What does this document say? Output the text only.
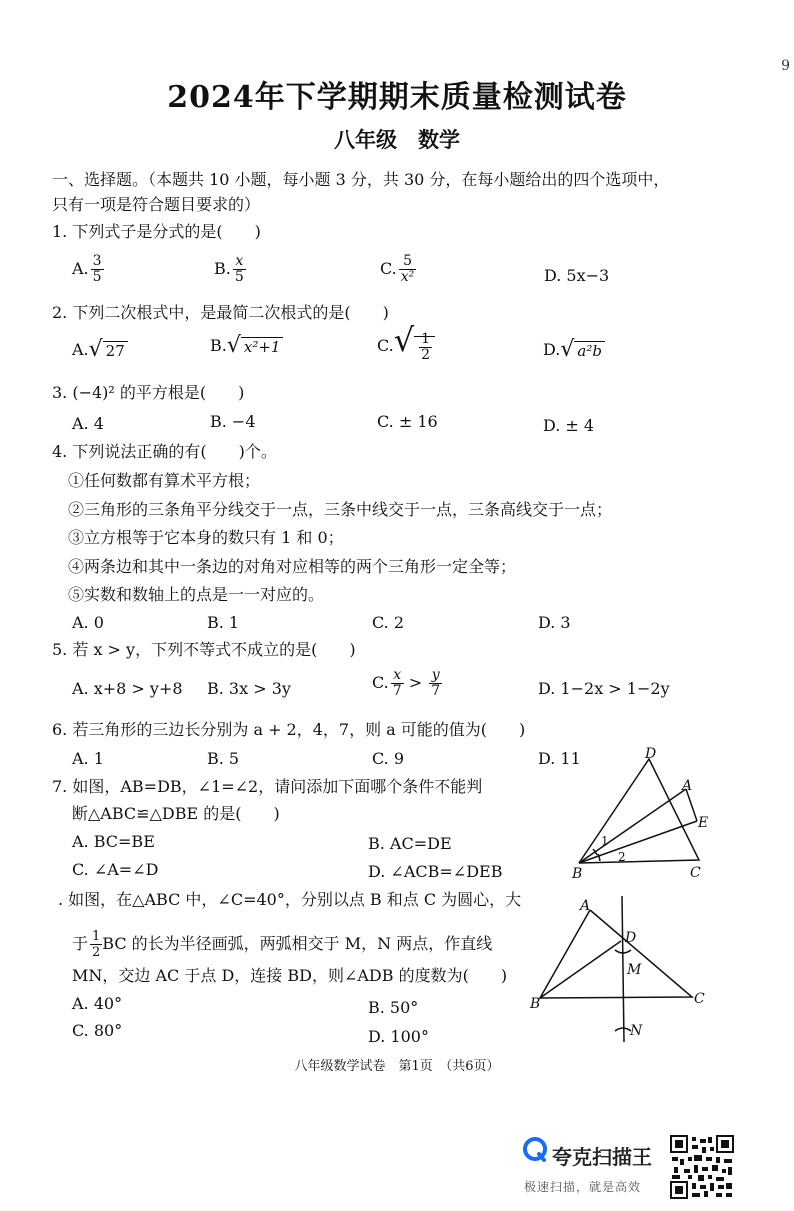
9
2024年下学期期末质量检测试卷
八年级　数学
一、选择题。（本题共 10 小题，每小题 3 分，共 30 分，在每小题给出的四个选项中，
只有一项是符合题目要求的）
1. 下列式子是分式的是(　　)
A. $\frac{3}{5}$	B. $\frac{x}{5}$	C. $\frac{5}{\text{x²}}$	D. 5x−3
2. 下列二次根式中，是最简二次根式的是(　　)
A.√ 27	B.√ x²+1	$C.√ \frac{1}{2}$	D.√ a²b
3. (−4)² 的平方根是(　　)
A. 4	B. −4	C. ± 16	D. ± 4
4. 下列说法正确的有(　　)个。
①任何数都有算术平方根；
②三角形的三条角平分线交于一点，三条中线交于一点，三条高线交于一点；
③立方根等于它本身的数只有 1 和 0；
④两条边和其中一条边的对角对应相等的两个三角形一定全等；
⑤实数和数轴上的点是一一对应的。
A. 0	B. 1	C. 2	D. 3
5. 若 x > y，下列不等式不成立的是(　　)
A. x+8 > y+8 B. 3x > 3y	C. $\frac{x}{7} > \frac{y}{7}$	D. 1−2x > 1−2y
6. 若三角形的三边长分别为 a + 2，4，7，则 a 可能的值为(　　)
A. 1	B. 5	C. 9	D. 11
7. 如图，AB=DB，∠1=∠2，请问添加下面哪个条件不能判
断△ABC≌△DBE 的是(　　)
A. BC=BE	B. AC=DE
C. ∠A=∠D	D. ∠ACB=∠DEB
D
A
E
B	C
1
2
. 如图，在△ABC 中，∠C=40°，分别以点 B 和点 C 为圆心，大
于 $\frac{1}{2}$ BC 的长为半径画弧，两弧相交于 M，N 两点，作直线
MN，交边 AC 于点 D，连接 BD，则∠ADB 的度数为(　　)
A. 40°	B. 50°
C. 80°	D. 100°
A
D
M
B	C
N
八年级数学试卷　第1页　（共6页）
夸克扫描王
极速扫描，就是高效
